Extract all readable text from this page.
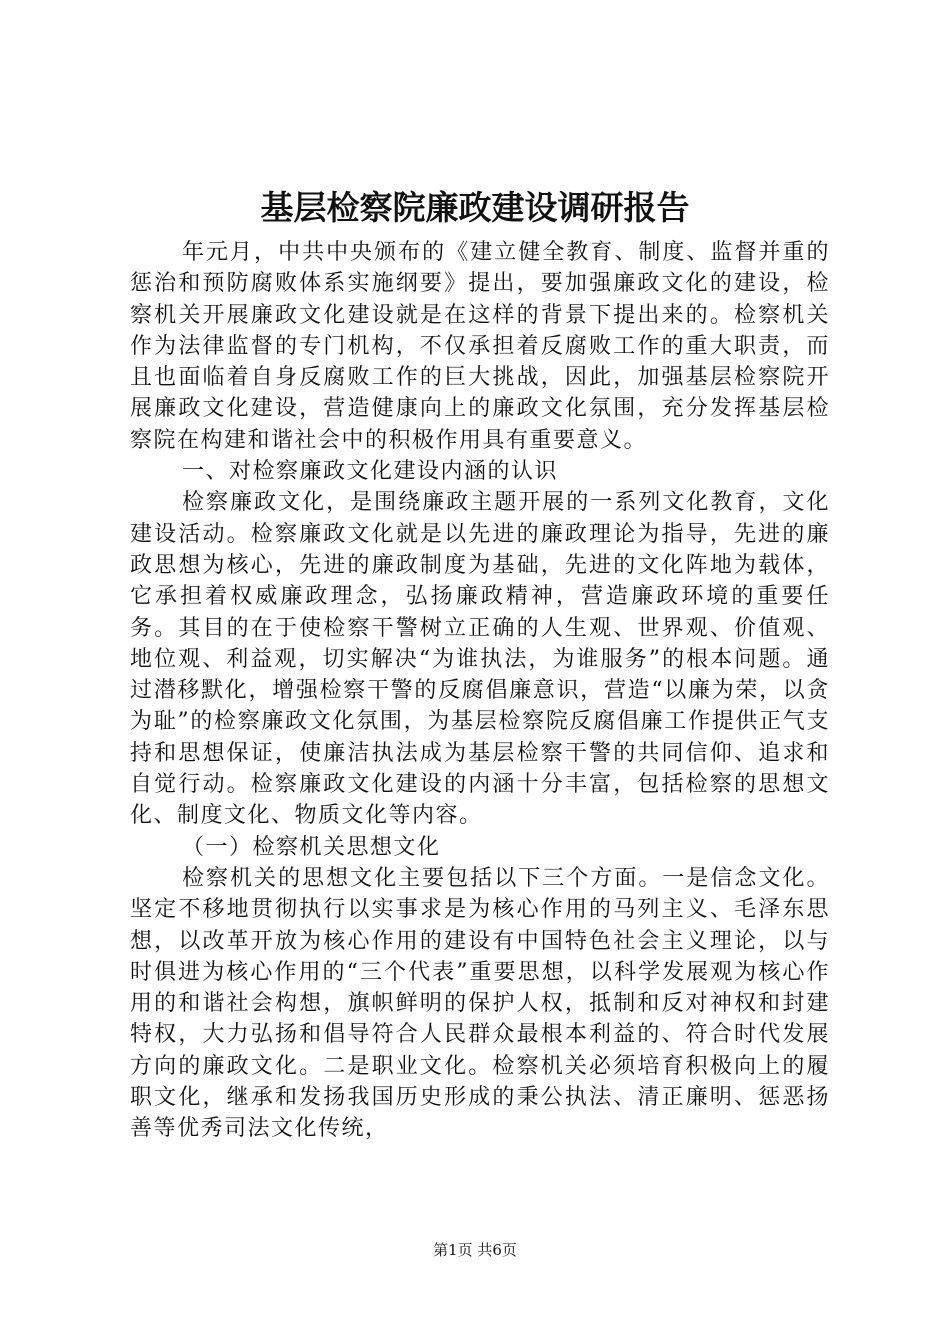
基层检察院廉政建设调研报告

年元月，中共中央颁布的《建立健全教育、制度、监督并重的惩治和预防腐败体系实施纲要》提出，要加强廉政文化的建设，检察机关开展廉政文化建设就是在这样的背景下提出来的。检察机关作为法律监督的专门机构，不仅承担着反腐败工作的重大职责，而且也面临着自身反腐败工作的巨大挑战，因此，加强基层检察院开展廉政文化建设，营造健康向上的廉政文化氛围，充分发挥基层检察院在构建和谐社会中的积极作用具有重要意义。

一、对检察廉政文化建设内涵的认识

检察廉政文化，是围绕廉政主题开展的一系列文化教育，文化建设活动。检察廉政文化就是以先进的廉政理论为指导，先进的廉政思想为核心，先进的廉政制度为基础，先进的文化阵地为载体，它承担着权威廉政理念，弘扬廉政精神，营造廉政环境的重要任务。其目的在于使检察干警树立正确的人生观、世界观、价值观、地位观、利益观，切实解决“为谁执法，为谁服务”的根本问题。通过潜移默化，增强检察干警的反腐倡廉意识，营造“以廉为荣，以贪为耻”的检察廉政文化氛围，为基层检察院反腐倡廉工作提供正气支持和思想保证，使廉洁执法成为基层检察干警的共同信仰、追求和自觉行动。检察廉政文化建设的内涵十分丰富，包括检察的思想文化、制度文化、物质文化等内容。

（一）检察机关思想文化

检察机关的思想文化主要包括以下三个方面。一是信念文化。坚定不移地贯彻执行以实事求是为核心作用的马列主义、毛泽东思想，以改革开放为核心作用的建设有中国特色社会主义理论，以与时俱进为核心作用的“三个代表”重要思想，以科学发展观为核心作用的和谐社会构想，旗帜鲜明的保护人权，抵制和反对神权和封建特权，大力弘扬和倡导符合人民群众最根本利益的、符合时代发展方向的廉政文化。二是职业文化。检察机关必须培育积极向上的履职文化，继承和发扬我国历史形成的秉公执法、清正廉明、惩恶扬善等优秀司法文化传统，

第1页 共6页
